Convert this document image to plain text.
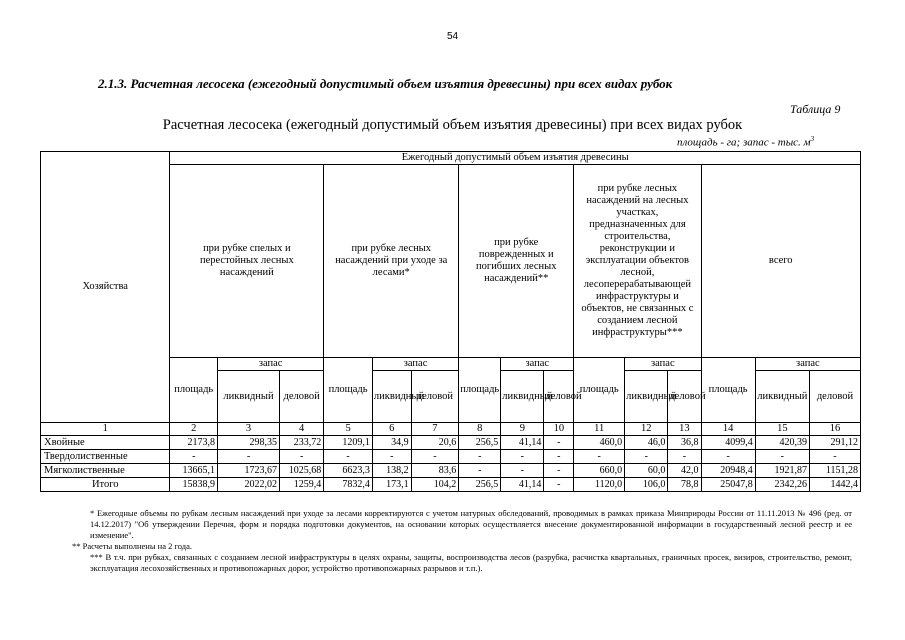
54
2.1.3. Расчетная лесосека (ежегодный допустимый объем изъятия древесины) при всех видах рубок
Таблица 9
Расчетная лесосека (ежегодный допустимый объем изъятия древесины) при всех видах рубок
площадь - га; запас - тыс. $м^3$
Хозяйства	Ежегодный допустимый объем изъятия древесины														
	при рубке спелых и перестойных лесных насаждений			при рубке лесных насаждений при уходе за лесами*			при рубке поврежденных и погибших лесных насаждений**			при рубке лесных насаждений на лесных участках, предназначенных для строительства, реконструкции и эксплуатации объектов лесной, лесоперерабатывающей инфраструктуры и объектов, не связанных с созданием лесной инфраструктуры***			всего		
	площадь	запас		площадь	запас		площадь	запас		площадь	запас		площадь	запас	
		ликвидный	деловой		ликвидный	деловой		ликвидный	деловой		ликвидный	деловой		ликвидный	деловой
1	2	3	4	5	6	7	8	9	10	11	12	13	14	15	16
Хвойные	2173,8	298,35	233,72	1209,1	34,9	20,6	256,5	41,14	-	460,0	46,0	36,8	4099,4	420,39	291,12
Твердолиственные	-	-	-	-	-	-	-	-	-	-	-	-	-	-	-
Мягколиственные	13665,1	1723,67	1025,68	6623,3	138,2	83,6	-	-	-	660,0	60,0	42,0	20948,4	1921,87	1151,28
Итого	15838,9	2022,02	1259,4	7832,4	173,1	104,2	256,5	41,14	-	1120,0	106,0	78,8	25047,8	2342,26	1442,4

* Ежегодные объемы по рубкам лесным насаждений при уходе за лесами корректируются с учетом натурных обследований, проводимых в рамках приказа Минприроды России от 11.11.2013 № 496 (ред. от 14.12.2017) "Об утверждении Перечня, форм и порядка подготовки документов, на основании которых осуществляется внесение документированной информации в государственный лесной реестр и ее изменение".

** Расчеты выполнены на 2 года.

*** В т.ч. при рубках, связанных с созданием лесной инфраструктуры в целях охраны, защиты, воспроизводства лесов (разрубка, расчистка квартальных, граничных просек, визиров, строительство, ремонт, эксплуатация лесохозяйственных и противопожарных дорог, устройство противопожарных разрывов и т.п.).
